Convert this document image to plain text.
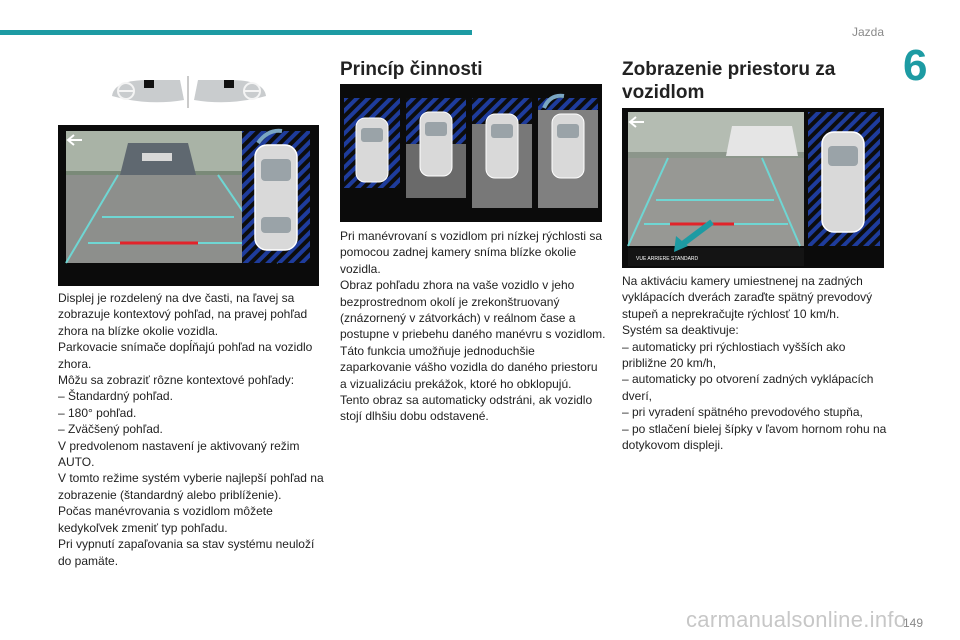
Jazda
6

Displej je rozdelený na dve časti, na ľavej sa zobrazuje kontextový pohľad, na pravej pohľad zhora na blízke okolie vozidla.

Parkovacie snímače dopĺňajú pohľad na vozidlo zhora.

Môžu sa zobraziť rôzne kontextové pohľady:

– Štandardný pohľad.

– 180° pohľad.

– Zväčšený pohľad.

V predvolenom nastavení je aktivovaný režim AUTO.

V tomto režime systém vyberie najlepší pohľad na zobrazenie (štandardný alebo priblíženie).

Počas manévrovania s vozidlom môžete kedykoľvek zmeniť typ pohľadu.

Pri vypnutí zapaľovania sa stav systému neuloží do pamäte.

Princíp činnosti

Pri manévrovaní s vozidlom pri nízkej rýchlosti sa pomocou zadnej kamery sníma blízke okolie vozidla.

Obraz pohľadu zhora na vaše vozidlo v jeho bezprostrednom okolí je zrekonštruovaný (znázornený v zátvorkách) v reálnom čase a postupne v priebehu daného manévru s vozidlom.

Táto funkcia umožňuje jednoduchšie zaparkovanie vášho vozidla do daného priestoru a vizualizáciu prekážok, ktoré ho obklopujú.

Tento obraz sa automaticky odstráni, ak vozidlo stojí dlhšiu dobu odstavené.

Zobrazenie priestoru za vozidlom
VUE ARRIERE STANDARD

Na aktiváciu kamery umiestnenej na zadných vyklápacích dverách zaraďte spätný prevodový stupeň a neprekračujte rýchlosť 10 km/h.

Systém sa deaktivuje:

– automaticky pri rýchlostiach vyšších ako približne 20 km/h,

– automaticky po otvorení zadných vyklápacích dverí,

– pri vyradení spätného prevodového stupňa,

– po stlačení bielej šípky v ľavom hornom rohu na dotykovom displeji.

carmanualsonline.info
149
